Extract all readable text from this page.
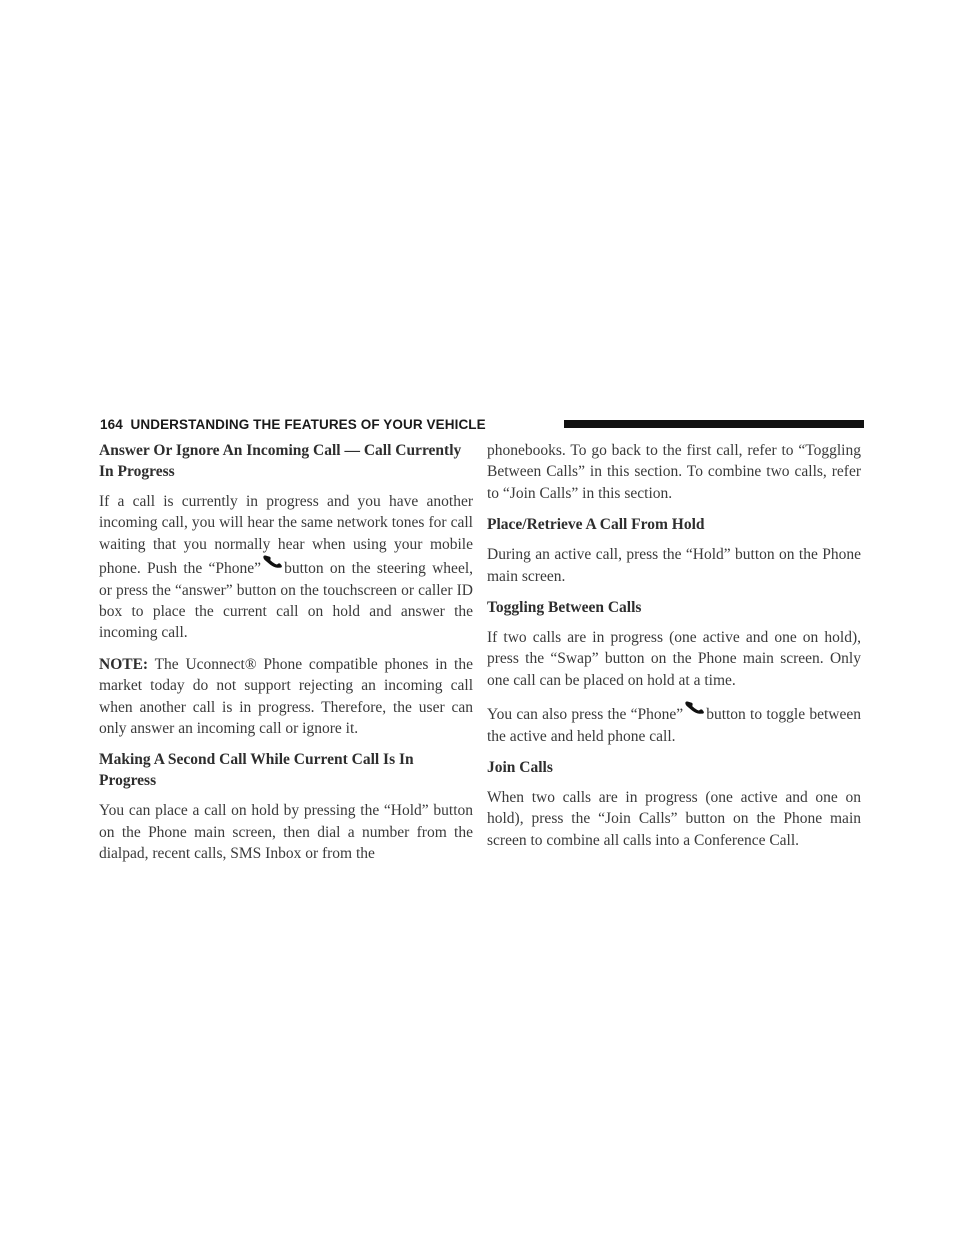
164 UNDERSTANDING THE FEATURES OF YOUR VEHICLE
Answer Or Ignore An Incoming Call — Call Currently In Progress

If a call is currently in progress and you have another incoming call, you will hear the same network tones for call waiting that you normally hear when using your mobile phone. Push the “Phone” button on the steering wheel, or press the “answer” button on the touchscreen or caller ID box to place the current call on hold and answer the incoming call.

NOTE: The Uconnect® Phone compatible phones in the market today do not support rejecting an incoming call when another call is in progress. Therefore, the user can only answer an incoming call or ignore it.

Making A Second Call While Current Call Is In Progress

You can place a call on hold by pressing the “Hold” button on the Phone main screen, then dial a number from the dialpad, recent calls, SMS Inbox or from the

phonebooks. To go back to the first call, refer to “Toggling Between Calls” in this section. To combine two calls, refer to “Join Calls” in this section.

Place/Retrieve A Call From Hold

During an active call, press the “Hold” button on the Phone main screen.

Toggling Between Calls

If two calls are in progress (one active and one on hold), press the “Swap” button on the Phone main screen. Only one call can be placed on hold at a time.

You can also press the “Phone” button to toggle between the active and held phone call.

Join Calls

When two calls are in progress (one active and one on hold), press the “Join Calls” button on the Phone main screen to combine all calls into a Conference Call.
